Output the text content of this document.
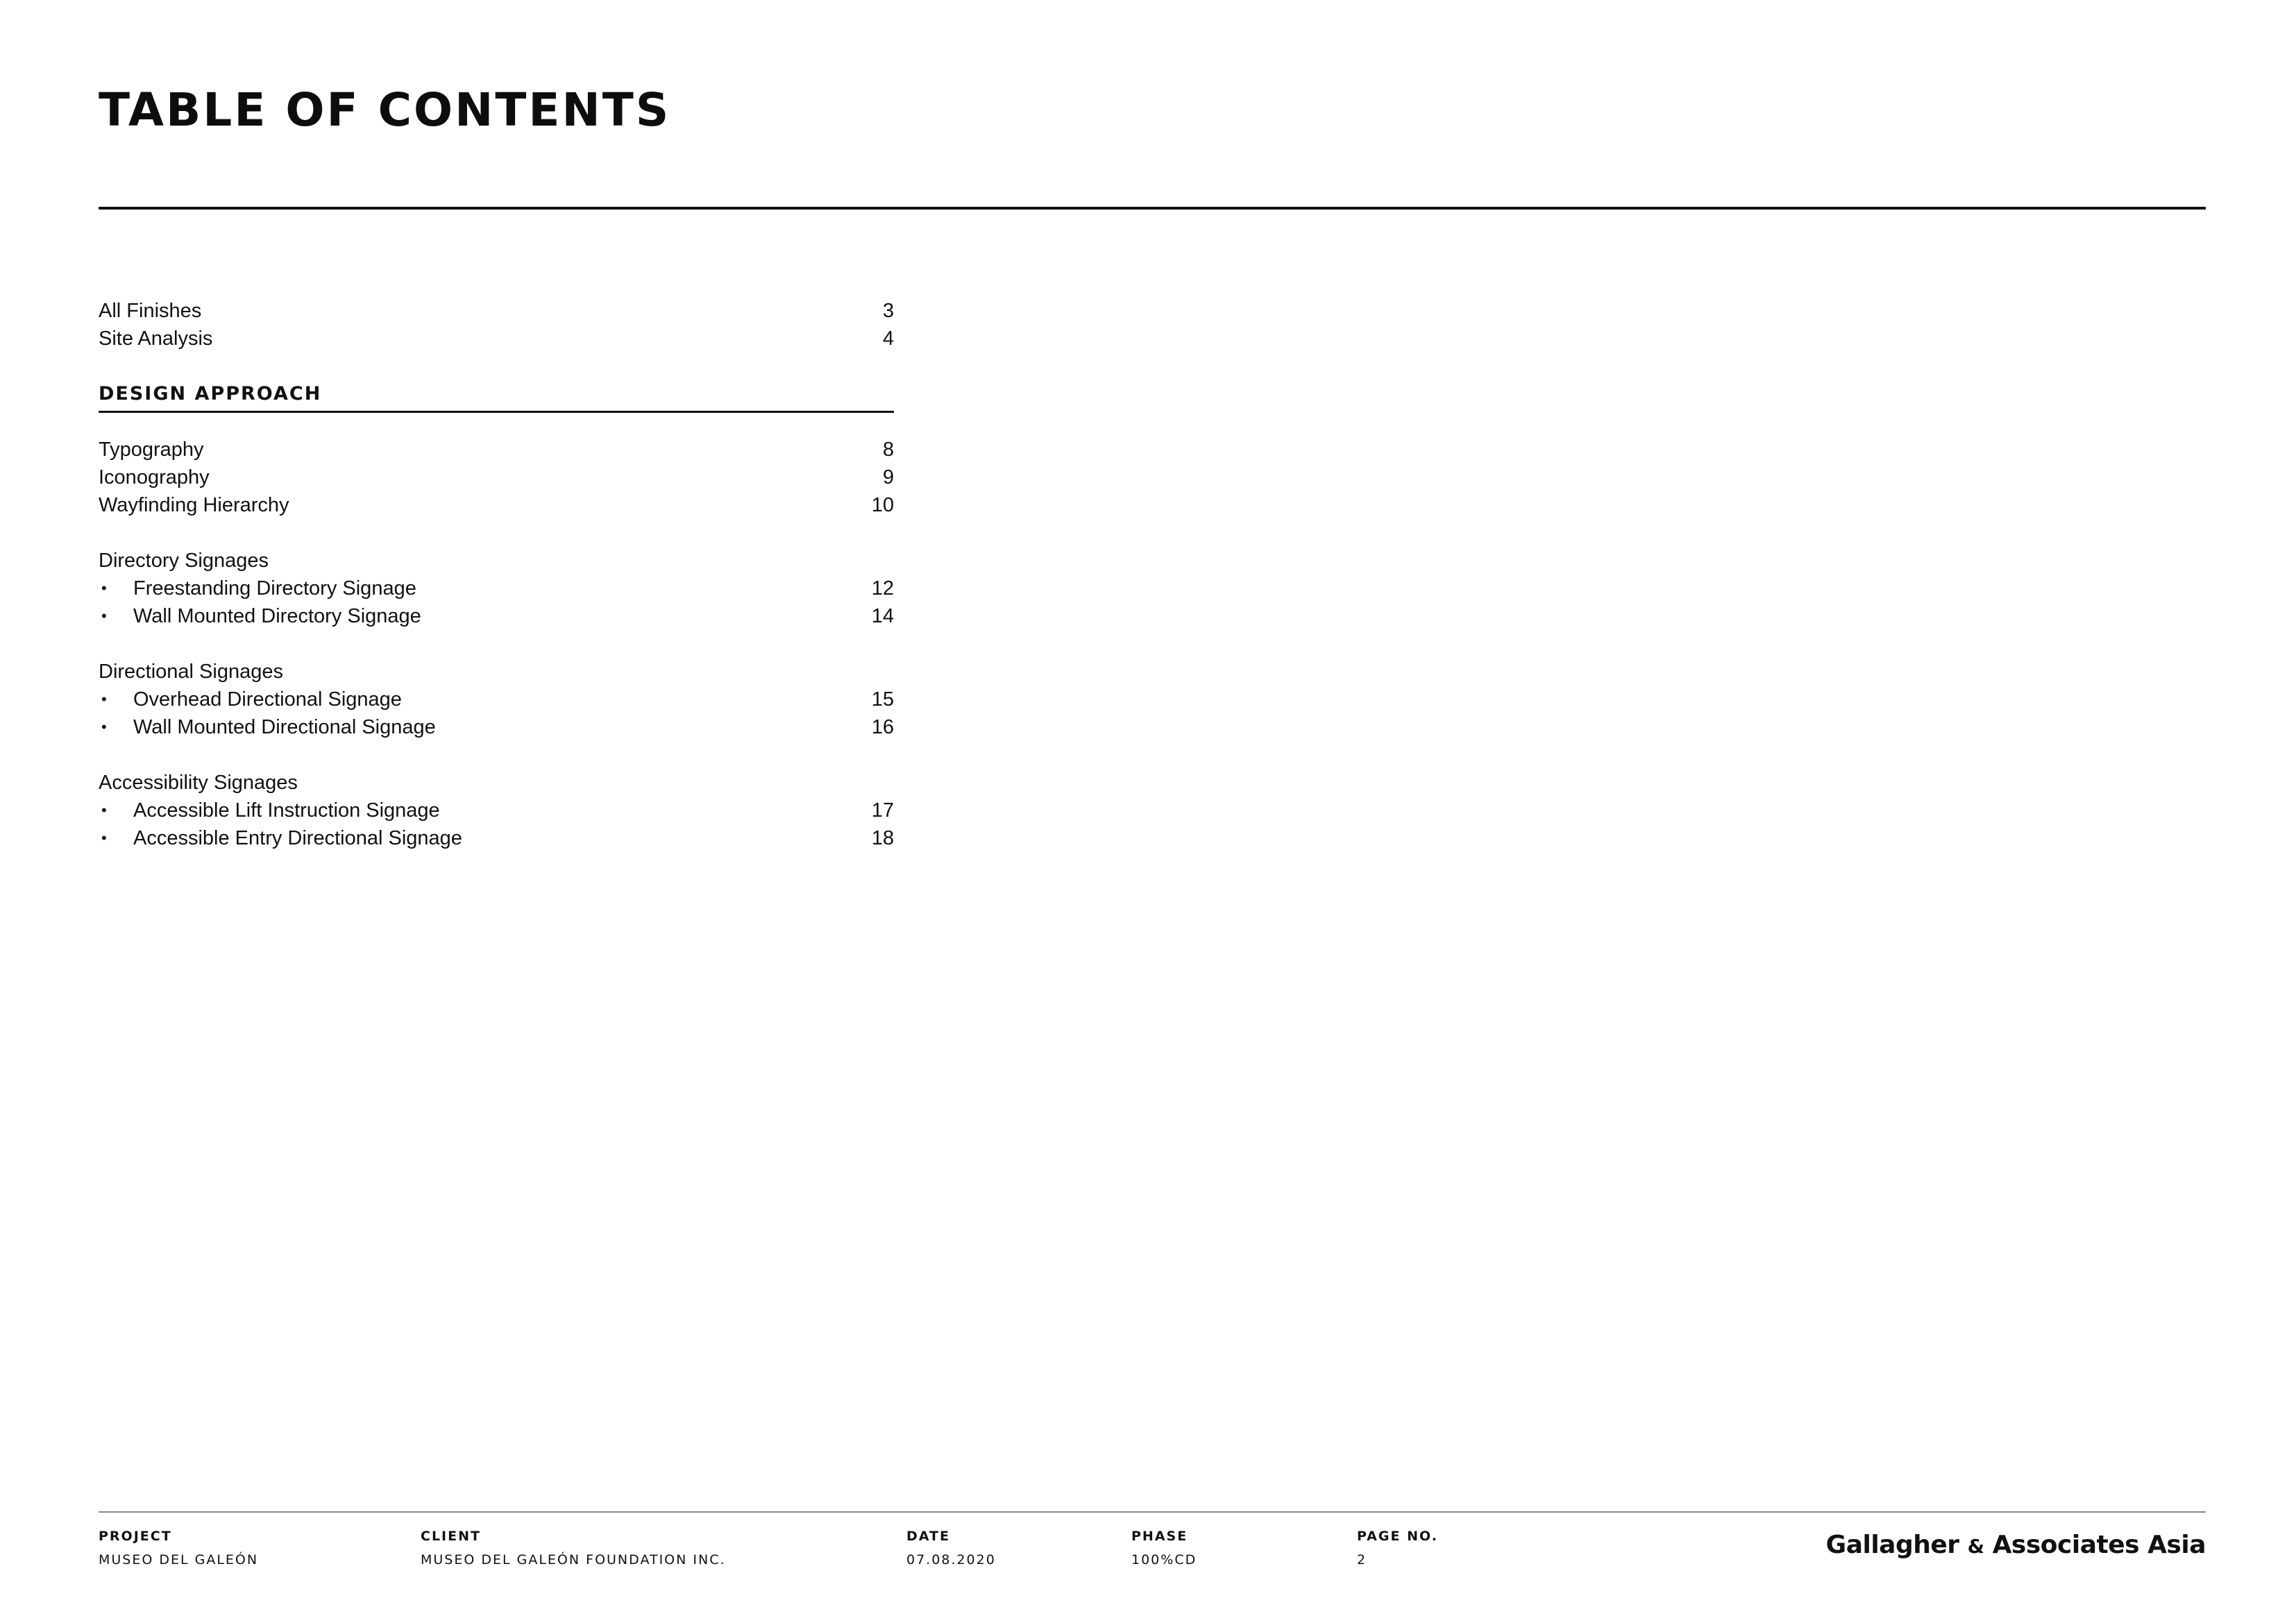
TABLE OF CONTENTS
All Finishes	3
Site Analysis	4
DESIGN APPROACH
Typography	8
Iconography	9
Wayfinding Hierarchy	10
Directory Signages
• Freestanding Directory Signage	12
• Wall Mounted Directory Signage	14
Directional Signages
• Overhead Directional Signage	15
• Wall Mounted Directional Signage	16
Accessibility Signages
• Accessible Lift Instruction Signage	17
• Accessible Entry Directional Signage	18
PROJECT
MUSEO DEL GALEÓN
CLIENT
MUSEO DEL GALEÓN FOUNDATION INC.
DATE
07.08.2020
PHASE
100%CD
PAGE NO.
2
Gallagher & Associates Asia
